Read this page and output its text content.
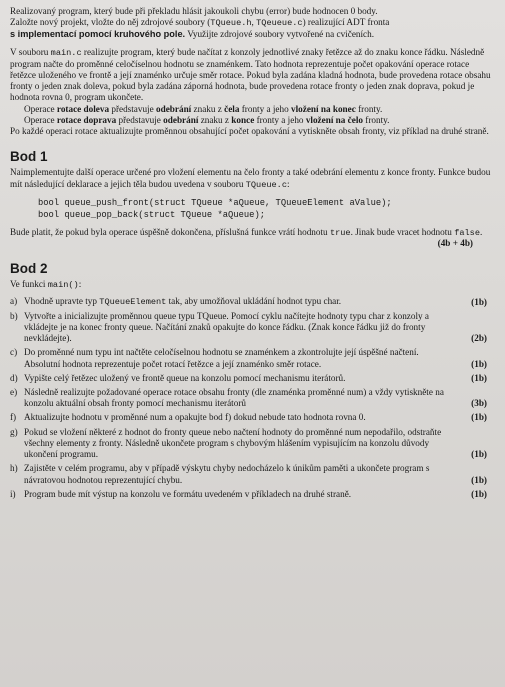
Realizovaný program, který bude při překladu hlásit jakoukoli chybu (error) bude hodnocen 0 body.

Založte nový projekt, vložte do něj zdrojové soubory (TQueue.h, TQeueue.c) realizující ADT fronta

s implementací pomocí kruhového pole. Využijte zdrojové soubory vytvořené na cvičeních.

V souboru main.c realizujte program, který bude načítat z konzoly jednotlivé znaky řetězce až do znaku konce řádku. Následně program načte do proměnné celočíselnou hodnotu se znaménkem. Tato hodnota reprezentuje počet opakování operace rotace řetězce uloženého ve frontě a její znaménko určuje směr rotace. Pokud byla zadána kladná hodnota, bude provedena rotace obsahu fronty o jeden znak doleva, pokud byla zadána záporná hodnota, bude provedena rotace fronty o jeden znak doprava, pokud je hodnota rovna 0, program ukončete.

Operace rotace doleva představuje odebrání znaku z čela fronty a jeho vložení na konec fronty.

Operace rotace doprava představuje odebrání znaku z konce fronty a jeho vložení na čelo fronty.

Po každé operaci rotace aktualizujte proměnnou obsahující počet opakování a vytiskněte obsah fronty, viz příklad na druhé straně.

Bod 1

Naimplementujte další operace určené pro vložení elementu na čelo fronty a také odebrání elementu z konce fronty. Funkce budou mít následující deklarace a jejich těla budou uvedena v souboru TQueue.c:

bool queue_push_front(struct TQueue *aQueue, TQueueElement aValue);
bool queue_pop_back(struct TQueue *aQueue);

Bude platit, že pokud byla operace úspěšně dokončena, příslušná funkce vrátí hodnotu true. Jinak bude vracet hodnotu false.

(4b + 4b)
Bod 2

Ve funkci main():

a) Vhodně upravte typ TQueueElement tak, aby umožňoval ukládání hodnot typu char.	(1b)
b) Vytvořte a inicializujte proměnnou queue typu TQueue. Pomocí cyklu načítejte hodnoty typu char z konzoly a vkládejte je na konec fronty queue. Načítání znaků opakujte do konce řádku. (Znak konce řádku již do fronty nevkládejte).	(2b)
c) Do proměnné num typu int načtěte celočíselnou hodnotu se znaménkem a zkontrolujte její úspěšné načtení. Absolutní hodnota reprezentuje počet rotací řetězce a její znaménko směr rotace.	(1b)
d) Vypište celý řetězec uložený ve frontě queue na konzolu pomocí mechanismu iterátorů.	(1b)
e) Následně realizujte požadované operace rotace obsahu fronty (dle znaménka proměnné num) a vždy vytiskněte na konzolu aktuální obsah fronty pomocí mechanismu iterátorů	(3b)
f) Aktualizujte hodnotu v proměnné num a opakujte bod f) dokud nebude tato hodnota rovna 0.	(1b)
g) Pokud se vložení některé z hodnot do fronty queue nebo načtení hodnoty do proměnné num nepodařilo, odstraňte všechny elementy z fronty. Následně ukončete program s chybovým hlášením vypisujícím na konzolu důvody ukončení programu.	(1b)
h) Zajistěte v celém programu, aby v případě výskytu chyby nedocházelo k únikům paměti a ukončete program s návratovou hodnotou reprezentující chybu.	(1b)
i) Program bude mít výstup na konzolu ve formátu uvedeném v příkladech na druhé straně.	(1b)
